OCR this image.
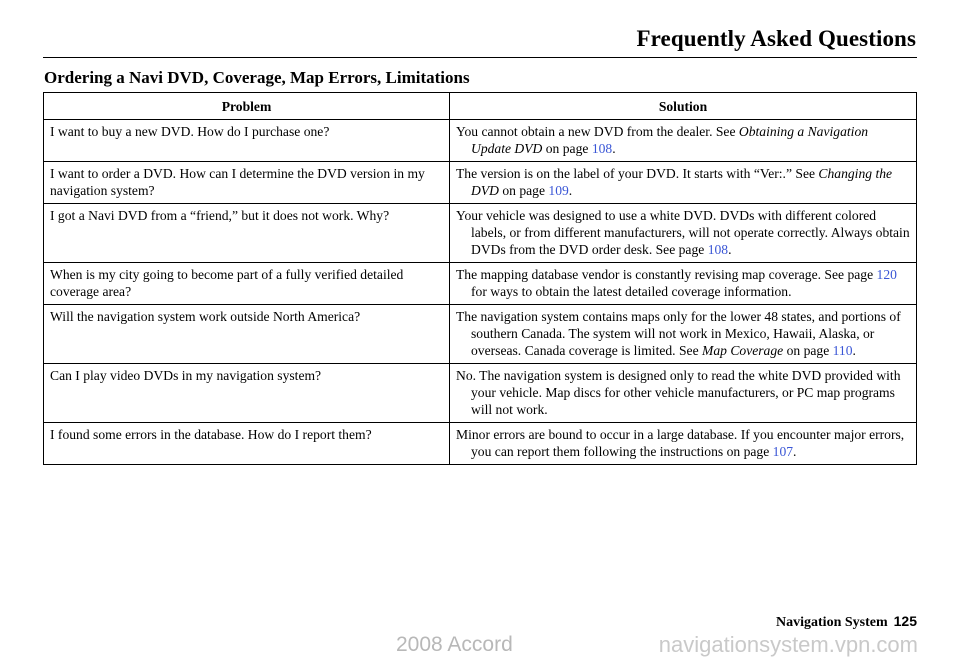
Frequently Asked Questions
Ordering a Navi DVD, Coverage, Map Errors, Limitations
Problem	Solution
I want to buy a new DVD. How do I purchase one?	You cannot obtain a new DVD from the dealer. See Obtaining a Navigation Update DVD on page 108.

I want to order a DVD. How can I determine the DVD version in my navigation system?	The version is on the label of your DVD. It starts with “Ver:.” See Changing the DVD on page 109.

I got a Navi DVD from a “friend,” but it does not work. Why?	Your vehicle was designed to use a white DVD. DVDs with different colored labels, or from different manufacturers, will not operate correctly. Always obtain DVDs from the DVD order desk. See page 108.

When is my city going to become part of a fully verified detailed coverage area?	The mapping database vendor is constantly revising map coverage. See page 120 for ways to obtain the latest detailed coverage information.

Will the navigation system work outside North America?	The navigation system contains maps only for the lower 48 states, and portions of southern Canada. The system will not work in Mexico, Hawaii, Alaska, or overseas. Canada coverage is limited. See Map Coverage on page 110.

Can I play video DVDs in my navigation system?	No. The navigation system is designed only to read the white DVD provided with your vehicle. Map discs for other vehicle manufacturers, or PC map programs will not work.

I found some errors in the database. How do I report them?	Minor errors are bound to occur in a large database. If you encounter major errors, you can report them following the instructions on page 107.
Navigation System 125
2008 Accord	navigationsystem.vpn.com
